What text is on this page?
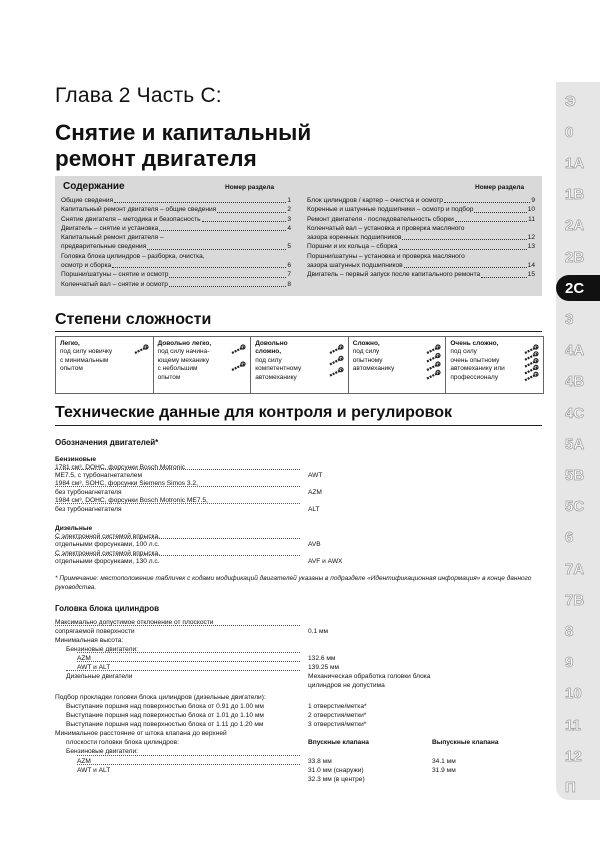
Глава 2 Часть С:
Снятие и капитальный
ремонт двигателя
Содержание	Номер раздела	Номер раздела
Общие сведения	1
Капитальный ремонт двигателя – общие сведения	2
Снятие двигателя – методика и безопасность	3
Двигатель – снятие и установка	4
Капитальный ремонт двигателя –
предварительные сведения	5
Головка блока цилиндров – разборка, очистка,
осмотр и сборка	6
Поршни/шатуны – снятие и осмотр	7
Коленчатый вал – снятие и осмотр	8
Блок цилиндров / картер – очистка и осмотр	9
Коренные и шатунные подшипники – осмотр и подбор	10
Ремонт двигателя - последовательность сборки	11
Коленчатый вал – установка и проверка масляного
зазора коренных подшипников	12
Поршни и их кольца – сборка	13
Поршни/шатуны – установка и проверка масляного
зазора шатунных подшипников	14
Двигатель – первый запуск после капитального ремонта	15
Степени сложности
Легко,
под силу новичку
с минимальным
опытом
Довольно легко,
под силу начина-
ющему механику
с небольшим
опытом
Довольно
сложно,
под силу
компетентному
автомеханику
Сложно,
под силу
опытному
автомеханику
Очень сложно,
под силу
очень опытному
автомеханику или
профессионалу
Технические данные для контроля и регулировок
Обозначения двигателей*
Бензиновые
1781 см³, DOHC, форсунки Bosch Motronic
ME7.5, с турбонагнетателем	AWT
1984 см³, SOHC, форсунки Siemens Simos 3.2,
без турбонагнетателя	AZM
1984 см³, DOHC, форсунки Bosch Motronic ME7.5,
без турбонагнетателя	ALT
Дизельные
С электронной системой впрыска,
отдельными форсунками, 100 л.с.	AVB
С электронной системой впрыска,
отдельными форсунками, 130 л.с.	AVF и AWX
* Примечание: местоположение табличек с кодами модификаций двигателей указаны в подразделе «Идентификационная информация» в конце данного руководства.
Головка блока цилиндров
Максимально допустимое отклонение от плоскости
сопрягаемой поверхности	0.1 мм
Минимальная высота:
Бензиновые двигатели:
AZM	132.6 мм
AWT и ALT	139.25 мм
Дизельные двигатели	Механическая обработка головки блока
цилиндров не допустима
Подбор прокладки головки блока цилиндров (дизельные двигатели):
Выступание поршня над поверхностью блока от 0.91 до 1.00 мм	1 отверстие/метка*
Выступание поршня над поверхностью блока от 1.01 до 1.10 мм	2 отверстия/метки*
Выступание поршня над поверхностью блока от 1.11 до 1.20 мм	3 отверстия/метки*
Минимальное расстояние от штока клапана до верхней
плоскости головки блока цилиндров:	Впускные клапана	Выпускные клапана
Бензиновые двигатели:
AZM	33.8 мм	34.1 мм
AWT и ALT	31.0 мм (снаружи)	31.9 мм
32.3 мм (в центре)
Э
0
1A
1B
2A
2B
2C
3
4A
4B
4C
5A
5B
5C
6
7A
7B
8
9
10
11
12
П
